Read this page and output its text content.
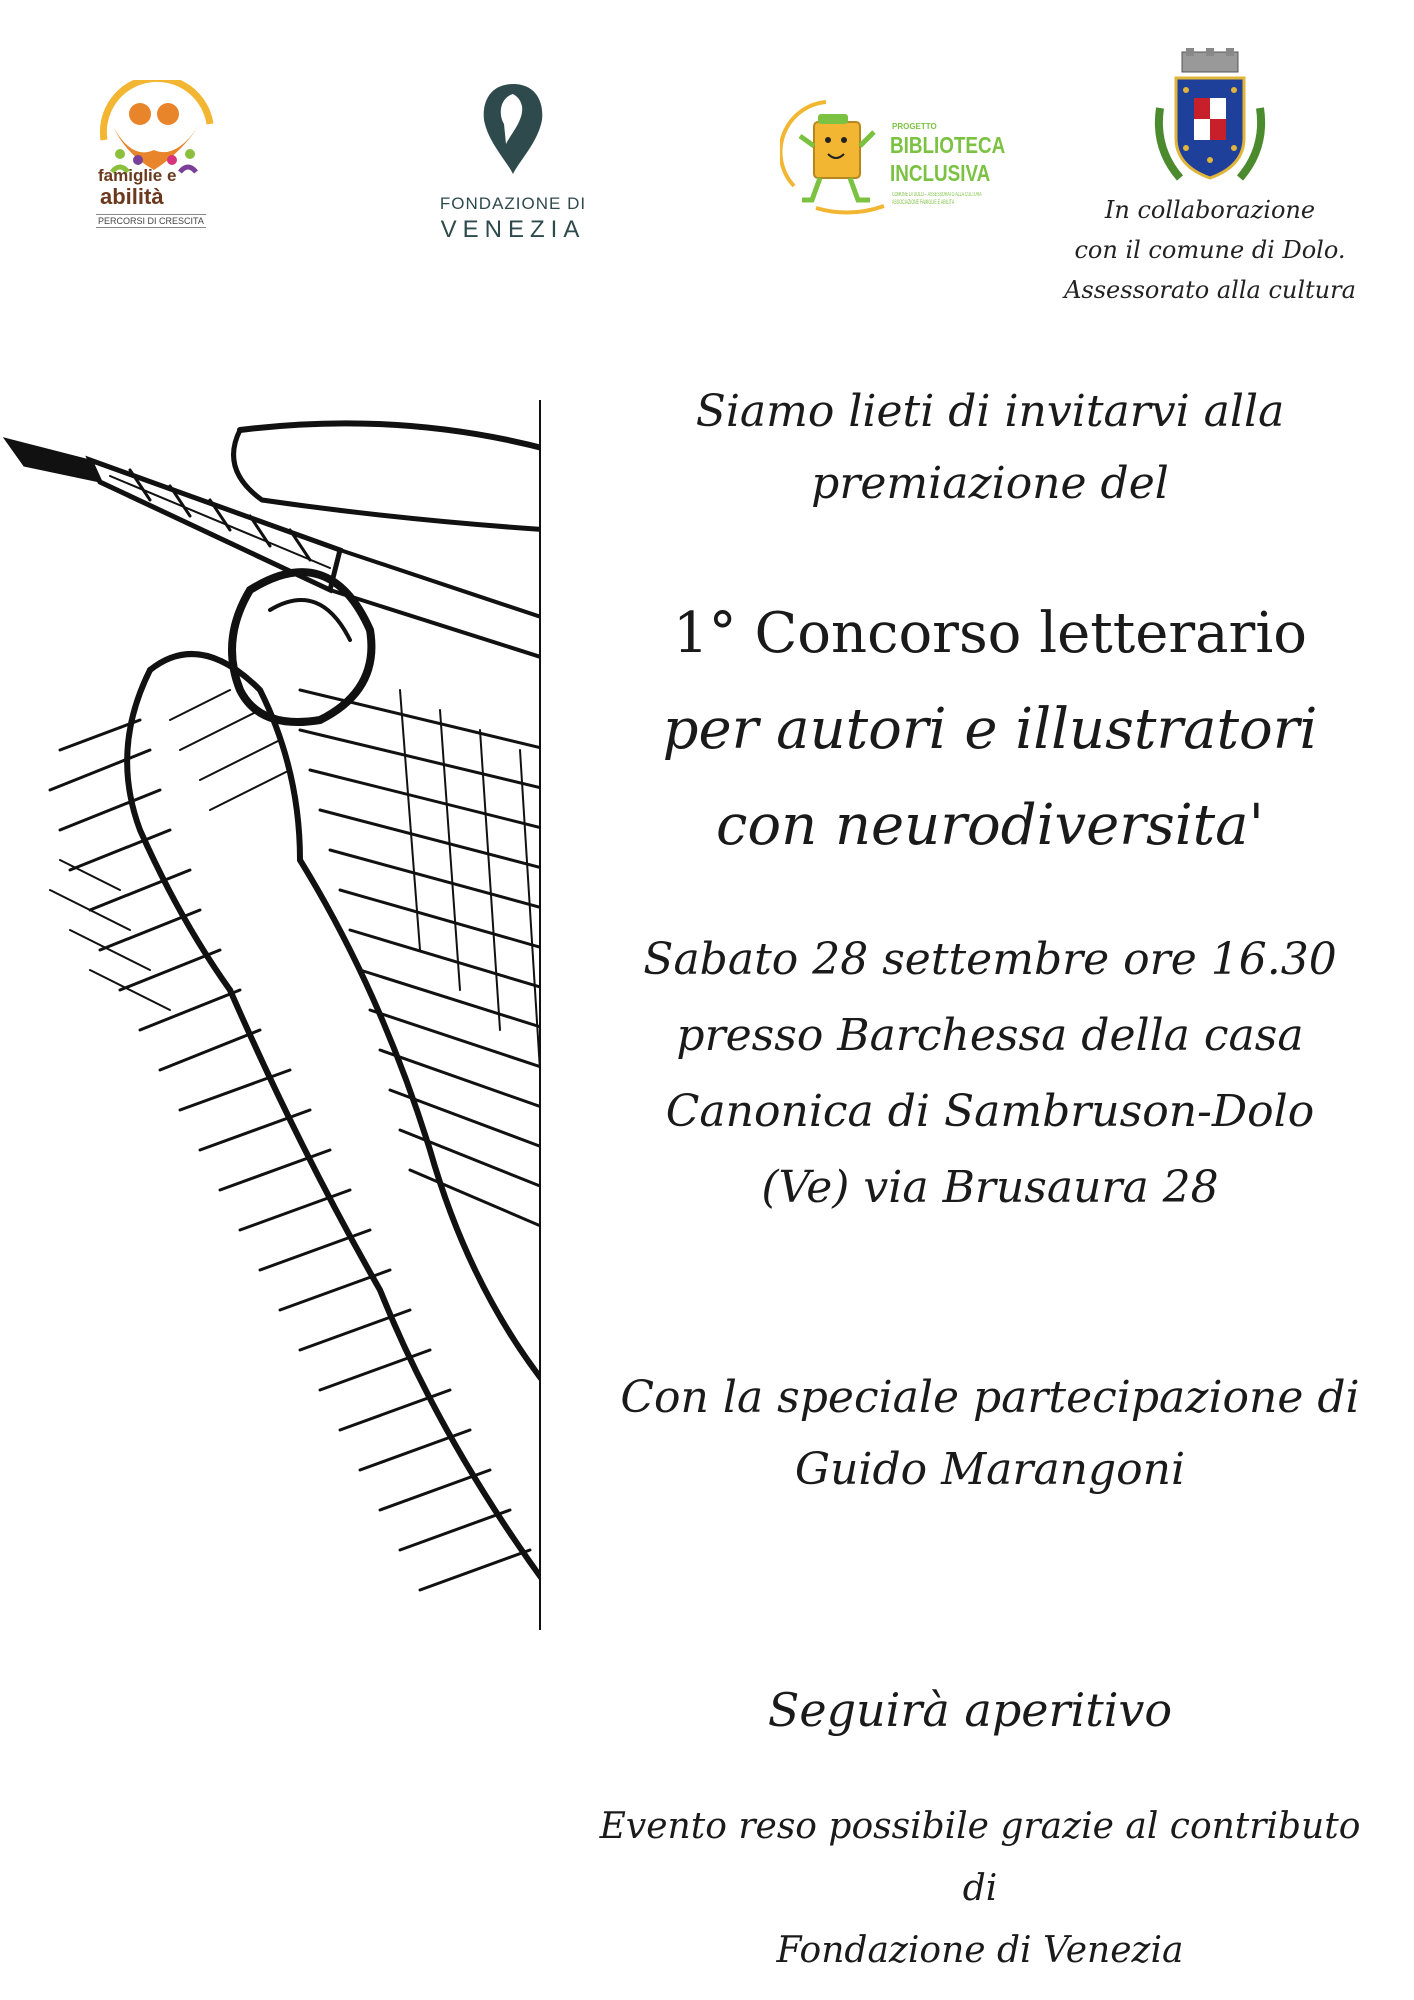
famiglie e
abilità
PERCORSI DI CRESCITA
FONDAZIONE DI
VENEZIA
PROGETTO
BIBLIOTECA
INCLUSIVA
COMUNE DI DOLO – ASSESSORATO ALLA CULTURA
ASSOCIAZIONE FAMIGLIE E ABILITÀ	In collaborazione
con il comune di Dolo.
Assessorato alla cultura
Siamo lieti di invitarvi alla
premiazione del
1° Concorso letterario
per autori e illustratori
con neurodiversita'
Sabato 28 settembre ore 16.30
presso Barchessa della casa
Canonica di Sambruson-Dolo
(Ve) via Brusaura 28
Con la speciale partecipazione di
Guido Marangoni
Seguirà aperitivo
Evento reso possibile grazie al contributo di
Fondazione di Venezia
